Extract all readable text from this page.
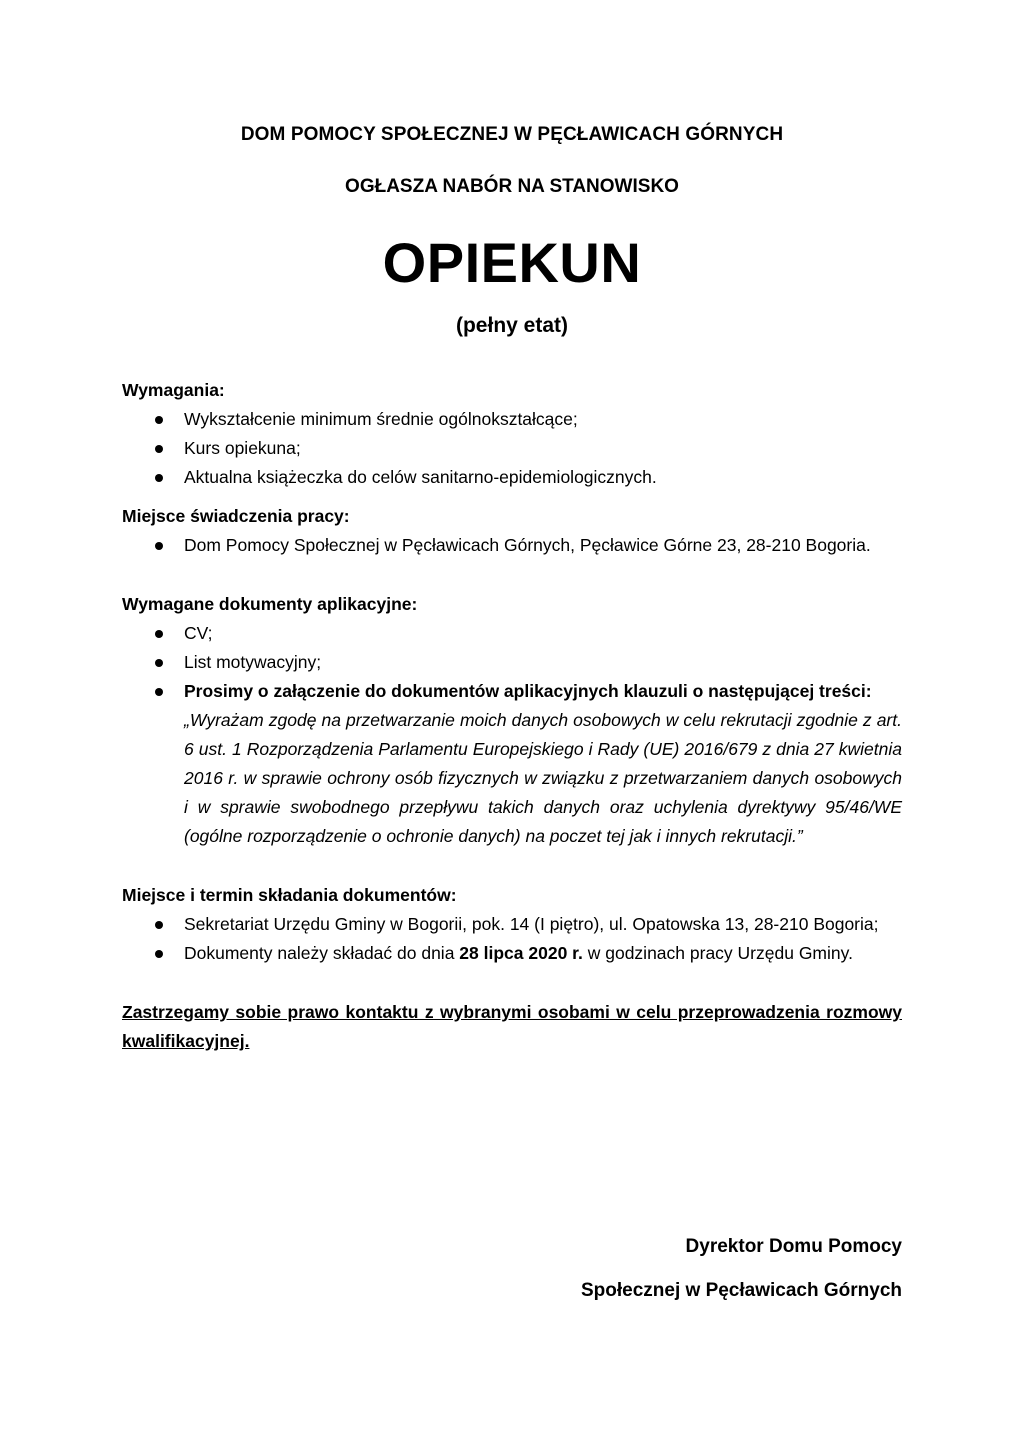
DOM POMOCY SPOŁECZNEJ W PĘCŁAWICACH GÓRNYCH
OGŁASZA NABÓR NA STANOWISKO
OPIEKUN
(pełny etat)

Wymagania:

Wykształcenie minimum średnie ogólnokształcące;
Kurs opiekuna;
Aktualna książeczka do celów sanitarno-epidemiologicznych.

Miejsce świadczenia pracy:

Dom Pomocy Społecznej w Pęcławicach Górnych, Pęcławice Górne 23, 28-210 Bogoria.

Wymagane dokumenty aplikacyjne:

CV;
List motywacyjny;
Prosimy o załączenie do dokumentów aplikacyjnych klauzuli o następującej treści:
„Wyrażam zgodę na przetwarzanie moich danych osobowych w celu rekrutacji zgodnie z art. 6 ust. 1 Rozporządzenia Parlamentu Europejskiego i Rady (UE) 2016/679 z dnia 27 kwietnia 2016 r. w sprawie ochrony osób fizycznych w związku z przetwarzaniem danych osobowych i w sprawie swobodnego przepływu takich danych oraz uchylenia dyrektywy 95/46/WE (ogólne rozporządzenie o ochronie danych) na poczet tej jak i innych rekrutacji.”

Miejsce i termin składania dokumentów:

Sekretariat Urzędu Gminy w Bogorii, pok. 14 (I piętro), ul. Opatowska 13, 28-210 Bogoria;
Dokumenty należy składać do dnia 28 lipca 2020 r. w godzinach pracy Urzędu Gminy.

Zastrzegamy sobie prawo kontaktu z wybranymi osobami w celu przeprowadzenia rozmowy kwalifikacyjnej.

Dyrektor Domu Pomocy
Społecznej w Pęcławicach Górnych
